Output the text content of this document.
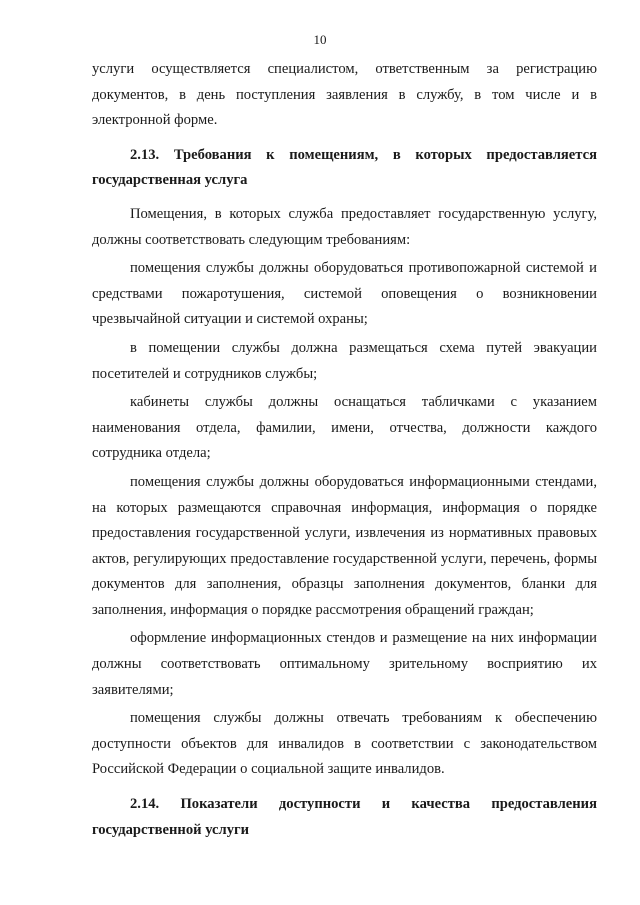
10

услуги осуществляется специалистом, ответственным за регистрацию документов, в день поступления заявления в службу, в том числе и в электронной форме.

2.13. Требования к помещениям, в которых предоставляется государственная услуга

Помещения, в которых служба предоставляет государственную услугу, должны соответствовать следующим требованиям:

помещения службы должны оборудоваться противопожарной системой и средствами пожаротушения, системой оповещения о возникновении чрезвычайной ситуации и системой охраны;

в помещении службы должна размещаться схема путей эвакуации посетителей и сотрудников службы;

кабинеты службы должны оснащаться табличками с указанием наименования отдела, фамилии, имени, отчества, должности каждого сотрудника отдела;

помещения службы должны оборудоваться информационными стендами, на которых размещаются справочная информация, информация о порядке предоставления государственной услуги, извлечения из нормативных правовых актов, регулирующих предоставление государственной услуги, перечень, формы документов для заполнения, образцы заполнения документов, бланки для заполнения, информация о порядке рассмотрения обращений граждан;

оформление информационных стендов и размещение на них информации должны соответствовать оптимальному зрительному восприятию их заявителями;

помещения службы должны отвечать требованиям к обеспечению доступности объектов для инвалидов в соответствии с законодательством Российской Федерации о социальной защите инвалидов.

2.14. Показатели доступности и качества предоставления государственной услуги
